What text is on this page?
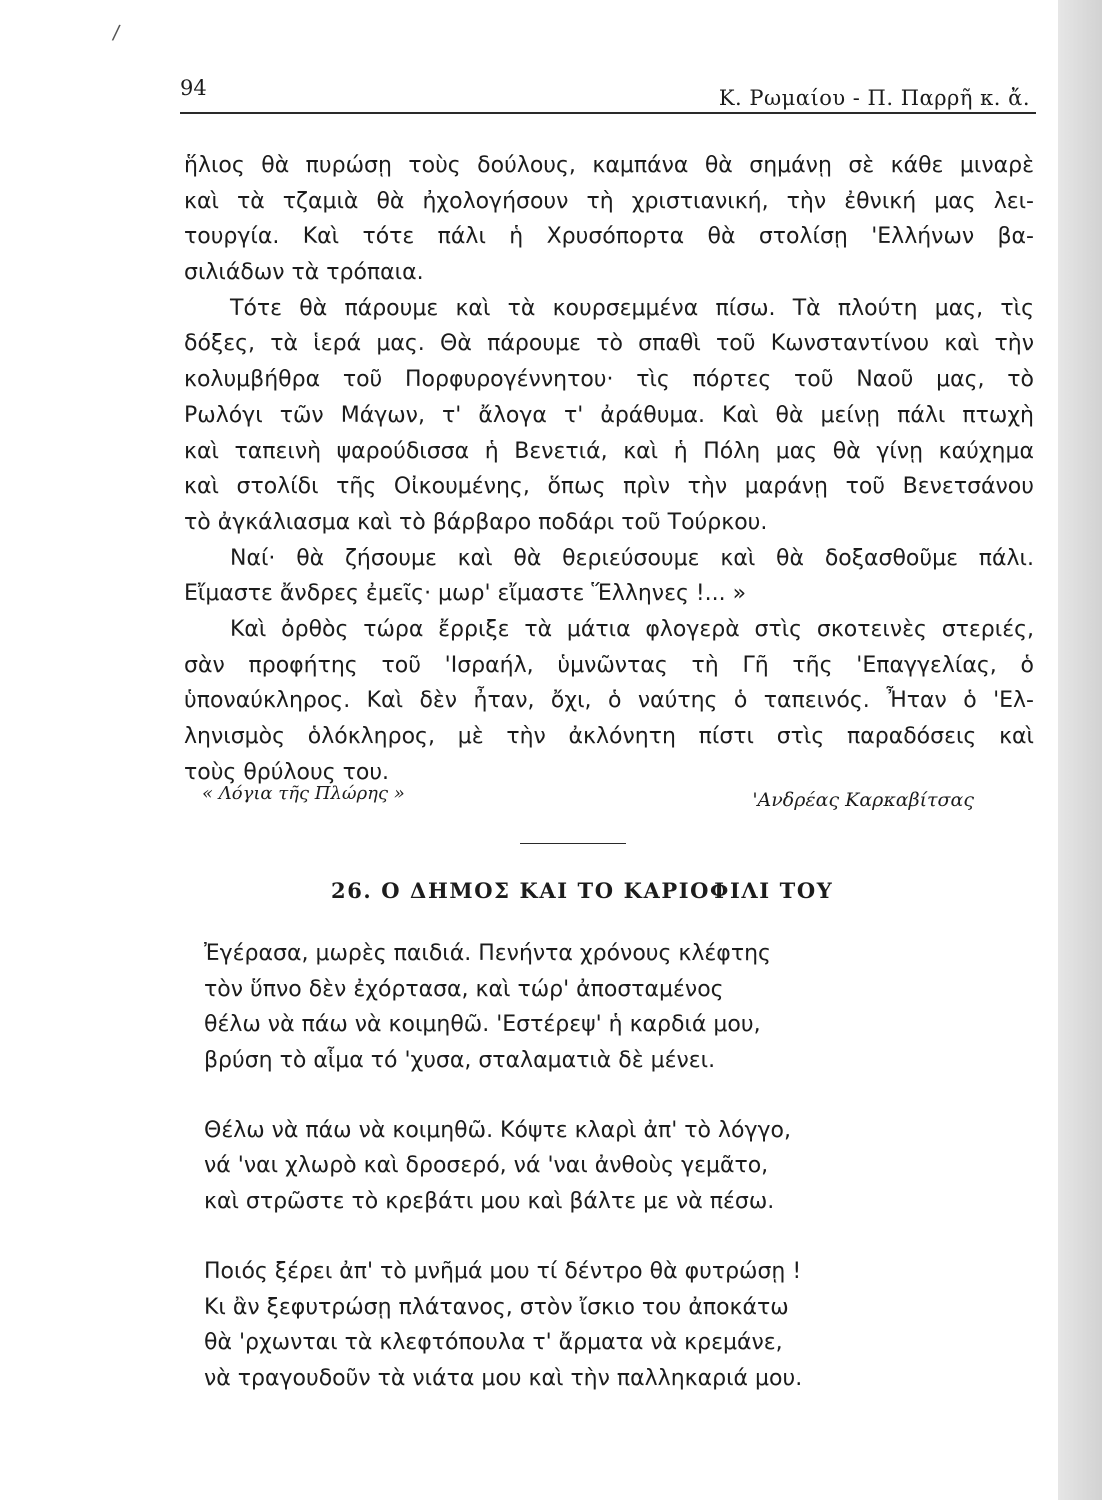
/
94	Κ. Ρωμαίου - Π. Παρρῆ κ. ἄ.
ἥλιος θὰ πυρώσῃ τοὺς δούλους, καμπάνα θὰ σημάνῃ σὲ κάθε μιναρὲ
καὶ τὰ τζαμιὰ θὰ ἠχολογήσουν τὴ χριστιανική, τὴν ἐθνική μας λει-
τουργία. Καὶ τότε πάλι ἡ Χρυσόπορτα θὰ στολίσῃ 'Ελλήνων βα-
σιλιάδων τὰ τρόπαια.
Τότε θὰ πάρουμε καὶ τὰ κουρσεμμένα πίσω. Τὰ πλούτη μας, τὶς
δόξες, τὰ ἱερά μας. Θὰ πάρουμε τὸ σπαθὶ τοῦ Κωνσταντίνου καὶ τὴν
κολυμβήθρα τοῦ Πορφυρογέννητου· τὶς πόρτες τοῦ Ναοῦ μας, τὸ
Ρωλόγι τῶν Μάγων, τ' ἄλογα τ' ἀράθυμα. Καὶ θὰ μείνῃ πάλι πτωχὴ
καὶ ταπεινὴ ψαρούδισσα ἡ Βενετιά, καὶ ἡ Πόλη μας θὰ γίνῃ καύχημα
καὶ στολίδι τῆς Οἰκουμένης, ὅπως πρὶν τὴν μαράνῃ τοῦ Βενετσάνου
τὸ ἀγκάλιασμα καὶ τὸ βάρβαρο ποδάρι τοῦ Τούρκου.
Ναί· θὰ ζήσουμε καὶ θὰ θεριεύσουμε καὶ θὰ δοξασθοῦμε πάλι.
Εἴμαστε ἄνδρες ἐμεῖς· μωρ' εἴμαστε Ἕλληνες !... »
Καὶ ὀρθὸς τώρα ἔρριξε τὰ μάτια φλογερὰ στὶς σκοτεινὲς στεριές,
σὰν προφήτης τοῦ 'Ισραήλ, ὑμνῶντας τὴ Γῆ τῆς 'Επαγγελίας, ὁ
ὑποναύκληρος. Καὶ δὲν ἦταν, ὄχι, ὁ ναύτης ὁ ταπεινός. Ἦταν ὁ 'Ελ-
ληνισμὸς ὁλόκληρος, μὲ τὴν ἀκλόνητη πίστι στὶς παραδόσεις καὶ
τοὺς θρύλους του.
« Λόγια τῆς Πλώρης »	'Ανδρέας Καρκαβίτσας
26. Ο ΔΗΜΟΣ ΚΑΙ ΤΟ ΚΑΡΙΟΦΙΛΙ ΤΟΥ
Ἐγέρασα, μωρὲς παιδιά. Πενήντα χρόνους κλέφτης
τὸν ὕπνο δὲν ἐχόρτασα, καὶ τώρ' ἀποσταμένος
θέλω νὰ πάω νὰ κοιμηθῶ. 'Εστέρεψ' ἡ καρδιά μου,
βρύση τὸ αἷμα τό 'χυσα, σταλαματιὰ δὲ μένει.
Θέλω νὰ πάω νὰ κοιμηθῶ. Κόψτε κλαρὶ ἀπ' τὸ λόγγο,
νά 'ναι χλωρὸ καὶ δροσερό, νά 'ναι ἀνθοὺς γεμᾶτο,
καὶ στρῶστε τὸ κρεβάτι μου καὶ βάλτε με νὰ πέσω.
Ποιός ξέρει ἀπ' τὸ μνῆμά μου τί δέντρο θὰ φυτρώσῃ !
Κι ἂν ξεφυτρώσῃ πλάτανος, στὸν ἴσκιο του ἀποκάτω
θὰ 'ρχωνται τὰ κλεφτόπουλα τ' ἄρματα νὰ κρεμάνε,
νὰ τραγουδοῦν τὰ νιάτα μου καὶ τὴν παλληκαριά μου.
